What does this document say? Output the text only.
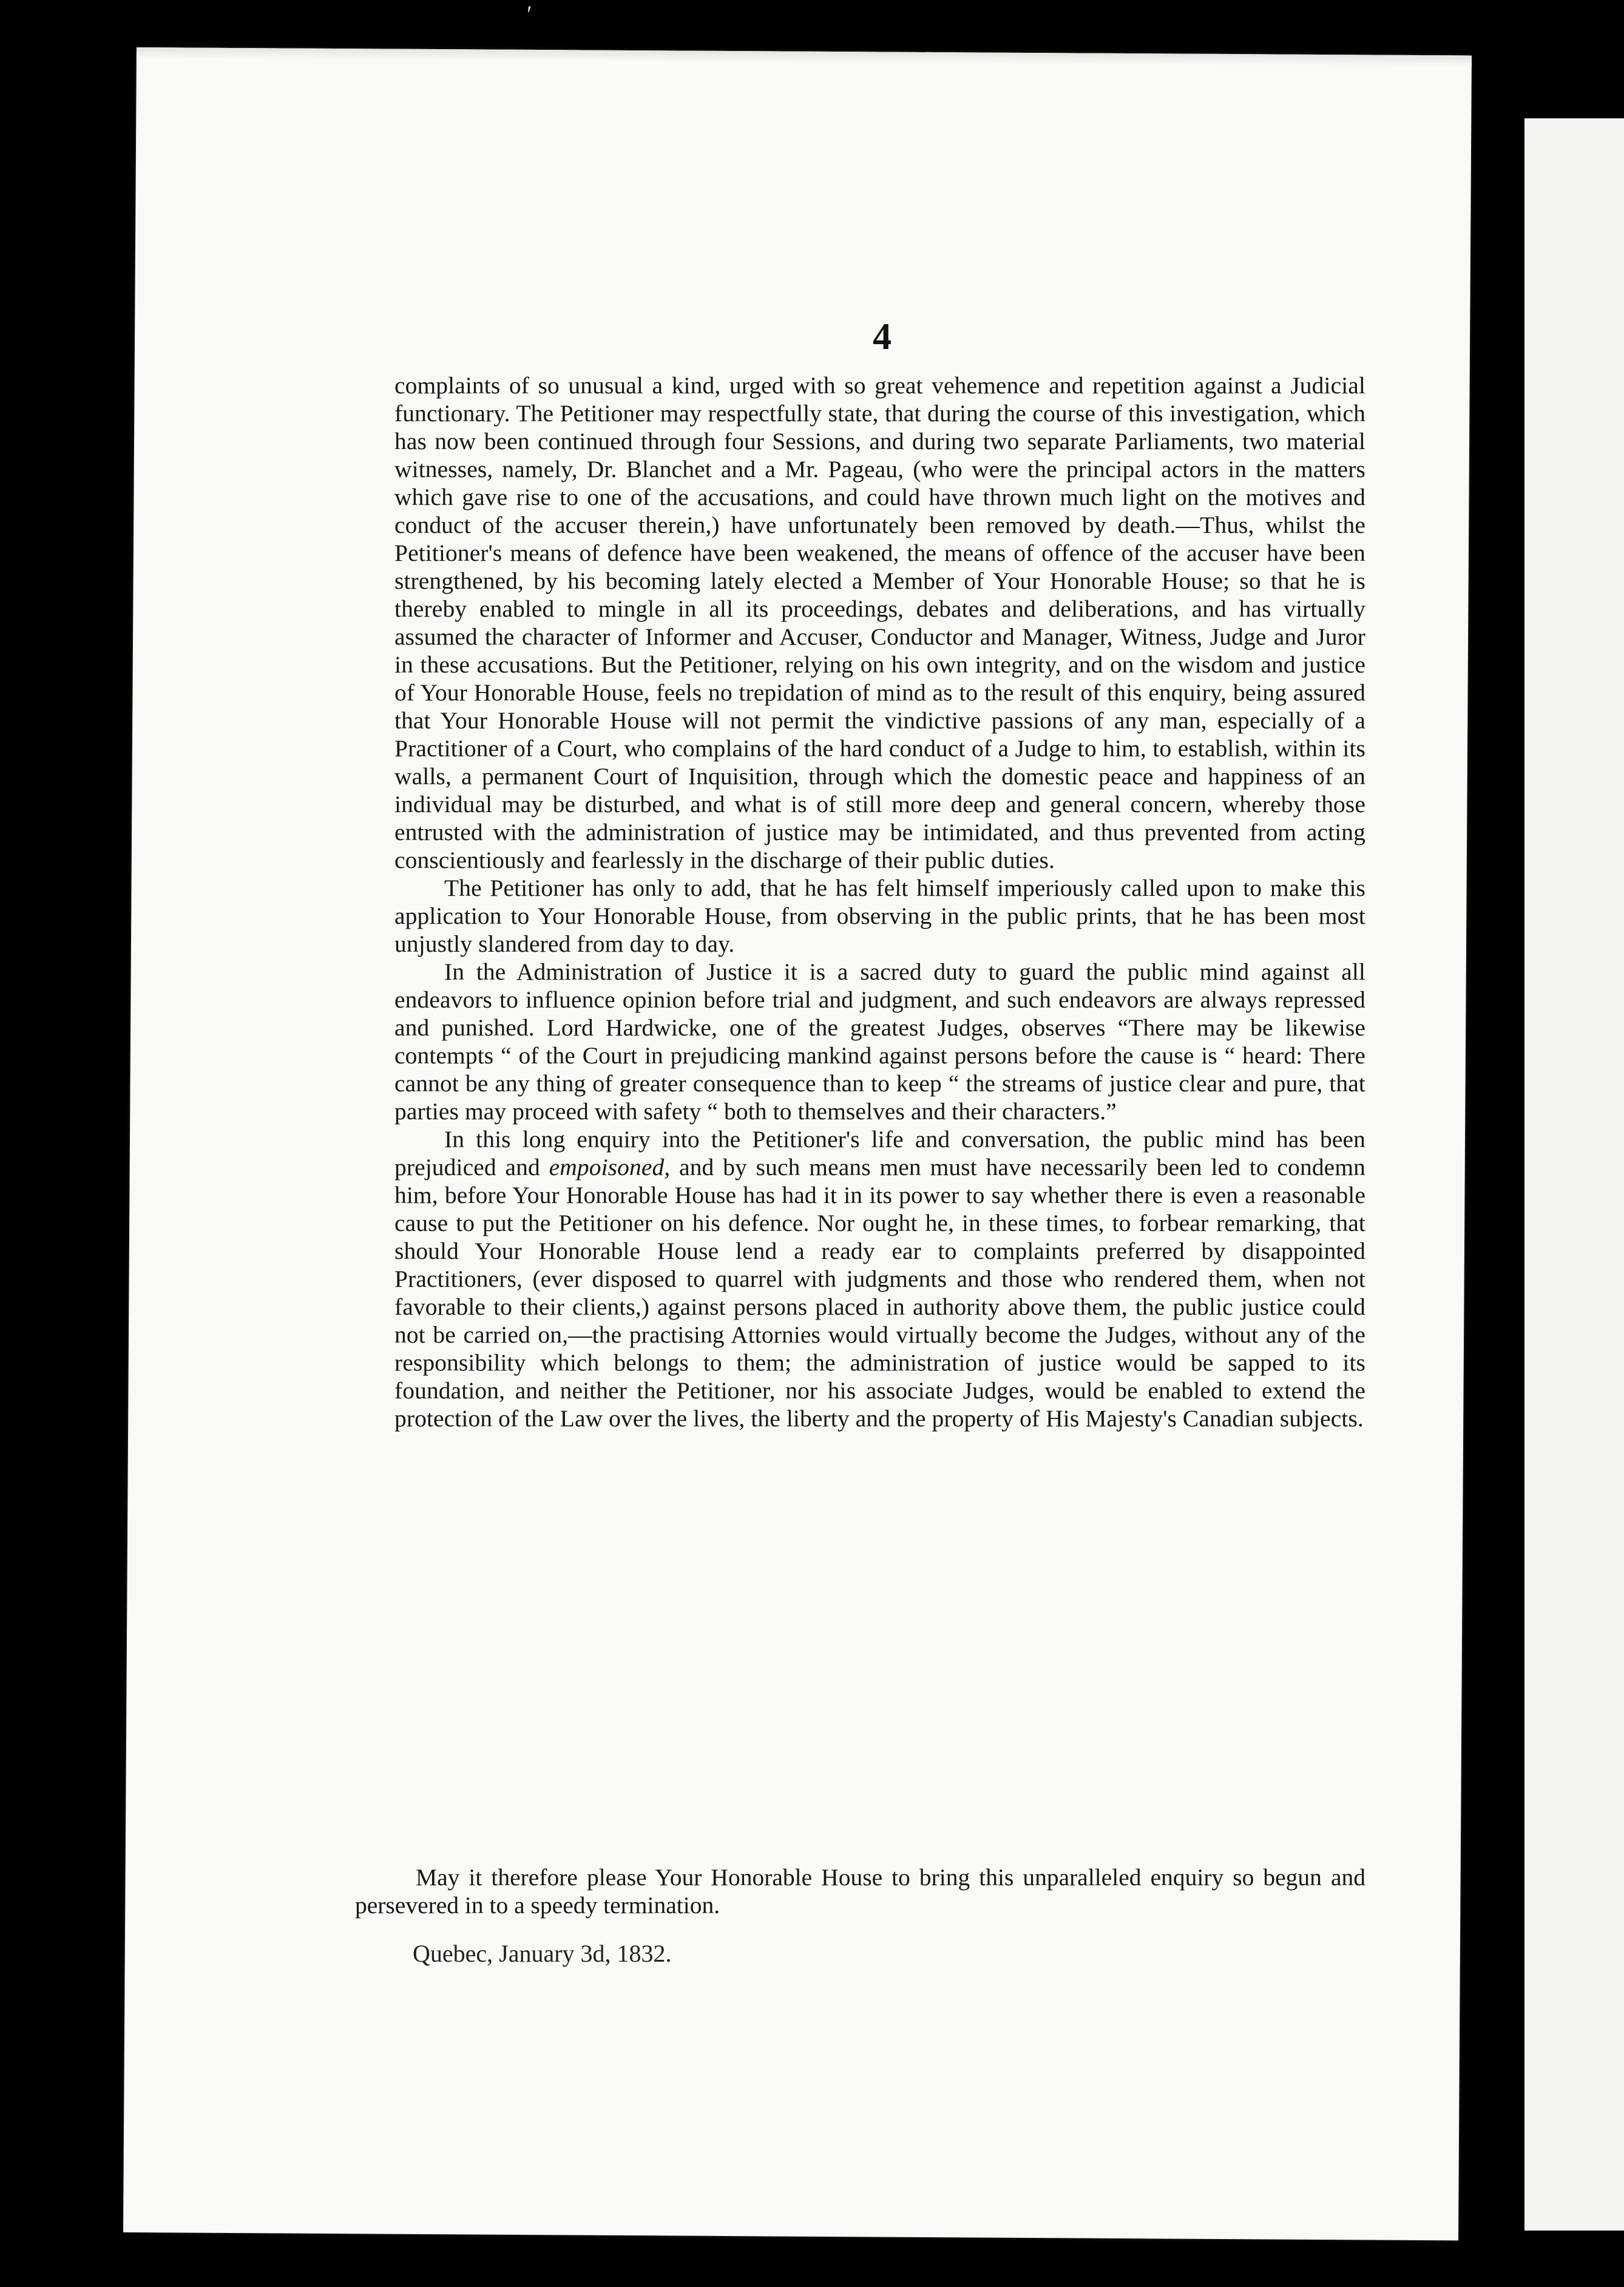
ʹ
4

complaints of so unusual a kind, urged with so great vehemence and repetition against a Judicial functionary. The Petitioner may respectfully state, that during the course of this investigation, which has now been continued through four Sessions, and during two separate Parliaments, two material witnesses, namely, Dr. Blanchet and a Mr. Pageau, (who were the principal actors in the matters which gave rise to one of the accusations, and could have thrown much light on the motives and conduct of the accuser therein,) have unfortunately been removed by death.—Thus, whilst the Petitioner's means of defence have been weakened, the means of offence of the accuser have been strengthened, by his becoming lately elected a Member of Your Honorable House; so that he is thereby enabled to mingle in all its proceedings, debates and deliberations, and has virtually assumed the character of Informer and Accuser, Conductor and Manager, Witness, Judge and Juror in these accusations. But the Petitioner, relying on his own integrity, and on the wisdom and justice of Your Honorable House, feels no trepidation of mind as to the result of this enquiry, being assured that Your Honorable House will not permit the vindictive passions of any man, especially of a Practitioner of a Court, who complains of the hard conduct of a Judge to him, to establish, within its walls, a permanent Court of Inquisition, through which the domestic peace and happiness of an individual may be disturbed, and what is of still more deep and general concern, whereby those entrusted with the administration of justice may be intimidated, and thus prevented from acting conscientiously and fearlessly in the discharge of their public duties.

The Petitioner has only to add, that he has felt himself imperiously called upon to make this application to Your Honorable House, from observing in the public prints, that he has been most unjustly slandered from day to day.

In the Administration of Justice it is a sacred duty to guard the public mind against all endeavors to influence opinion before trial and judgment, and such endeavors are always repressed and punished. Lord Hardwicke, one of the greatest Judges, observes “There may be likewise contempts “ of the Court in prejudicing mankind against persons before the cause is “ heard: There cannot be any thing of greater consequence than to keep “ the streams of justice clear and pure, that parties may proceed with safety “ both to themselves and their characters.”

In this long enquiry into the Petitioner's life and conversation, the public mind has been prejudiced and empoisoned, and by such means men must have necessarily been led to condemn him, before Your Honorable House has had it in its power to say whether there is even a reasonable cause to put the Petitioner on his defence. Nor ought he, in these times, to forbear remarking, that should Your Honorable House lend a ready ear to complaints preferred by disappointed Practitioners, (ever disposed to quarrel with judgments and those who rendered them, when not favorable to their clients,) against persons placed in authority above them, the public justice could not be carried on,—the practising Attornies would virtually become the Judges, without any of the responsibility which belongs to them; the administration of justice would be sapped to its foundation, and neither the Petitioner, nor his associate Judges, would be enabled to extend the protection of the Law over the lives, the liberty and the property of His Majesty's Canadian subjects.

May it therefore please Your Honorable House to bring this unparalleled enquiry so begun and persevered in to a speedy termination.
Quebec, January 3d, 1832.
